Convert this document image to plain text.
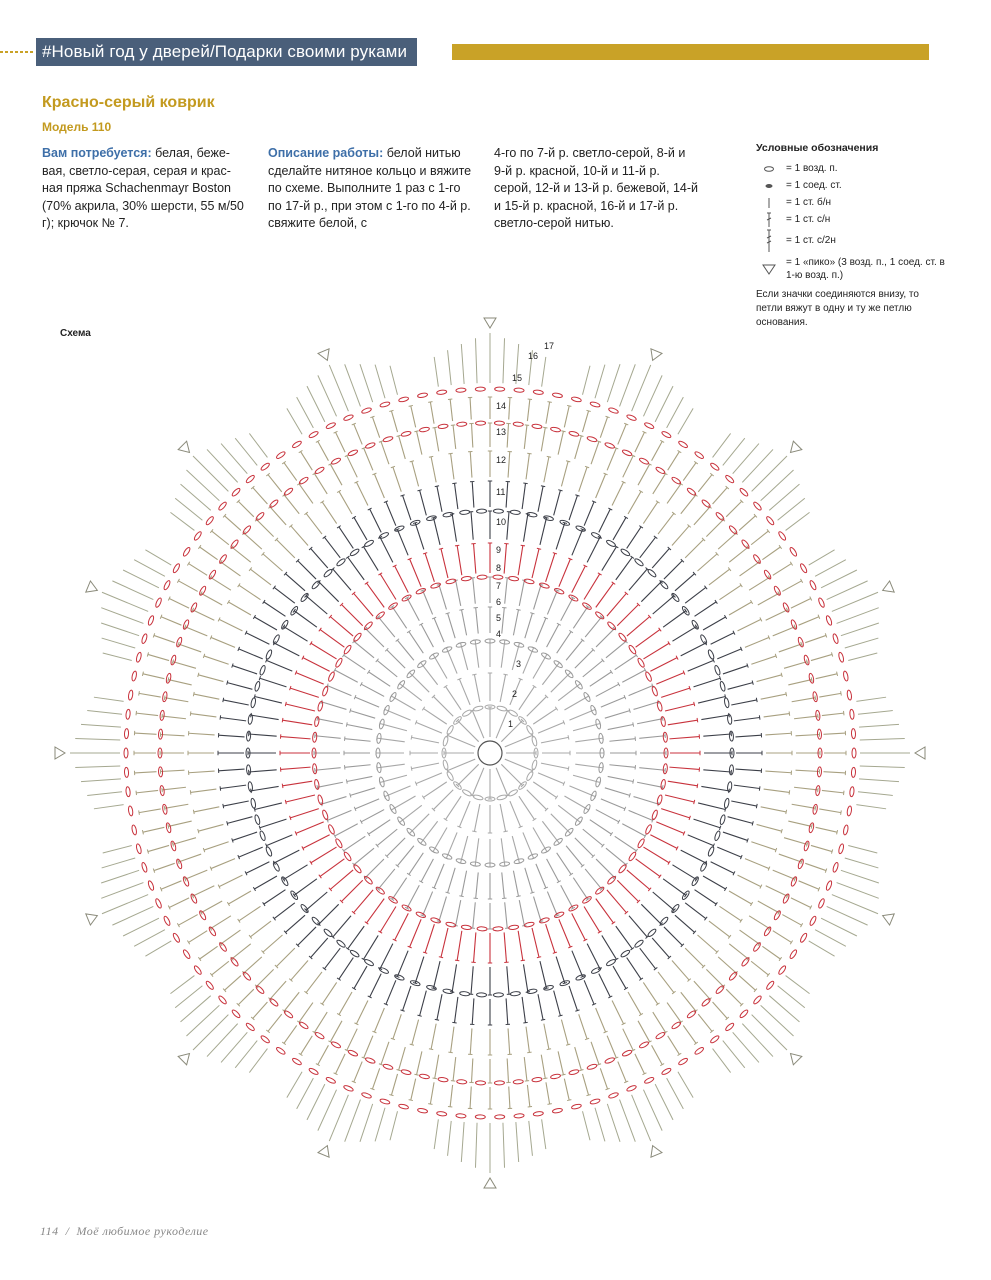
#Новый год у дверей/Подарки своими руками
Красно-серый коврик
Модель 110
Вам потребуется: белая, беже-вая, светло-серая, серая и крас-ная пряжа Schachenmayr Boston (70% акрила, 30% шерсти, 55 м/50 г); крючок № 7.
Описание работы: белой нитью сделайте нитяное кольцо и вяжите по схеме. Выполните 1 раз с 1-го по 17-й р., при этом с 1-го по 4-й р. свяжите белой, с
4-го по 7-й р. светло-серой, 8-й и 9-й р. красной, 10-й и 11-й р. серой, 12-й и 13-й р. бежевой, 14-й и 15-й р. красной, 16-й и 17-й р. светло-серой нитью.
Условные обозначения
= 1 возд. п.
= 1 соед. ст.
= 1 ст. б/н
= 1 ст. с/н
= 1 ст. с/2н
= 1 «пико» (3 возд. п., 1 соед. ст. в 1-ю возд. п.)
Если значки соединяются внизу, то петли вяжут в одну и ту же петлю основания.
Схема
1
2
3
4
5
6
7
8
9
10
11
12
13
14
15
16
17
114 / Моё любимое рукоделие
